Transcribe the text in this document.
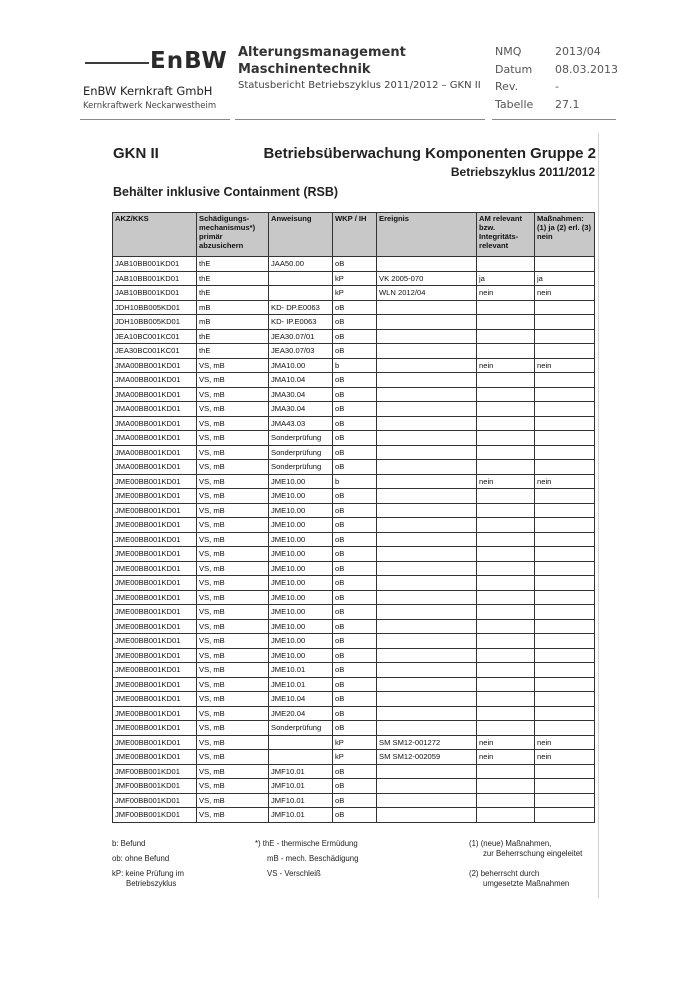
EnBW
EnBW Kernkraft GmbH
Kernkraftwerk Neckarwestheim
Alterungsmanagement
Maschinentechnik
Statusbericht Betriebszyklus 2011/2012 – GKN II
NMQ	2013/04
Datum 08.03.2013
Rev.	-
Tabelle 27.1
GKN II	Betriebsüberwachung Komponenten Gruppe 2
Betriebszyklus 2011/2012
Behälter inklusive Containment (RSB)
AKZ/KKS	Schädigungs-mechanismus*) primär abzusichern	Anweisung	WKP / IH	Ereignis	AM relevant bzw. Integritäts-relevant	Maßnahmen: (1) ja (2) erl. (3) nein
JAB10BB001KD01	thE	JAA50.00	oB			
JAB10BB001KD01	thE		kP	VK 2005-070	ja	ja
JAB10BB001KD01	thE		kP	WLN 2012/04	nein	nein
JDH10BB005KD01	mB	KD- DP.E0063	oB			
JDH10BB005KD01	mB	KD- IP.E0063	oB			
JEA10BC001KC01	thE	JEA30.07/01	oB			
JEA30BC001KC01	thE	JEA30.07/03	oB			
JMA00BB001KD01	VS, mB	JMA10.00	b		nein	nein
JMA00BB001KD01	VS, mB	JMA10.04	oB			
JMA00BB001KD01	VS, mB	JMA30.04	oB			
JMA00BB001KD01	VS, mB	JMA30.04	oB			
JMA00BB001KD01	VS, mB	JMA43.03	oB			
JMA00BB001KD01	VS, mB	Sonderprüfung	oB			
JMA00BB001KD01	VS, mB	Sonderprüfung	oB			
JMA00BB001KD01	VS, mB	Sonderprüfung	oB			
JME00BB001KD01	VS, mB	JME10.00	b		nein	nein
JME00BB001KD01	VS, mB	JME10.00	oB			
JME00BB001KD01	VS, mB	JME10.00	oB			
JME00BB001KD01	VS, mB	JME10.00	oB			
JME00BB001KD01	VS, mB	JME10.00	oB			
JME00BB001KD01	VS, mB	JME10.00	oB			
JME00BB001KD01	VS, mB	JME10.00	oB			
JME00BB001KD01	VS, mB	JME10.00	oB			
JME00BB001KD01	VS, mB	JME10.00	oB			
JME00BB001KD01	VS, mB	JME10.00	oB			
JME00BB001KD01	VS, mB	JME10.00	oB			
JME00BB001KD01	VS, mB	JME10.00	oB			
JME00BB001KD01	VS, mB	JME10.00	oB			
JME00BB001KD01	VS, mB	JME10.01	oB			
JME00BB001KD01	VS, mB	JME10.01	oB			
JME00BB001KD01	VS, mB	JME10.04	oB			
JME00BB001KD01	VS, mB	JME20.04	oB			
JME00BB001KD01	VS, mB	Sonderprüfung	oB			
JME00BB001KD01	VS, mB		kP	SM SM12-001272	nein	nein
JME00BB001KD01	VS, mB		kP	SM SM12-002059	nein	nein
JMF00BB001KD01	VS, mB	JMF10.01	oB			
JMF00BB001KD01	VS, mB	JMF10.01	oB			
JMF00BB001KD01	VS, mB	JMF10.01	oB			
JMF00BB001KD01	VS, mB	JMF10.01	oB			
b: Befund
ob: ohne Befund
kP: keine Prüfung im
Betriebszyklus
*) thE - thermische Ermüdung
mB - mech. Beschädigung
VS - Verschleiß
(1) (neue) Maßnahmen,
zur Beherrschung eingeleitet
(2) beherrscht durch
umgesetzte Maßnahmen
